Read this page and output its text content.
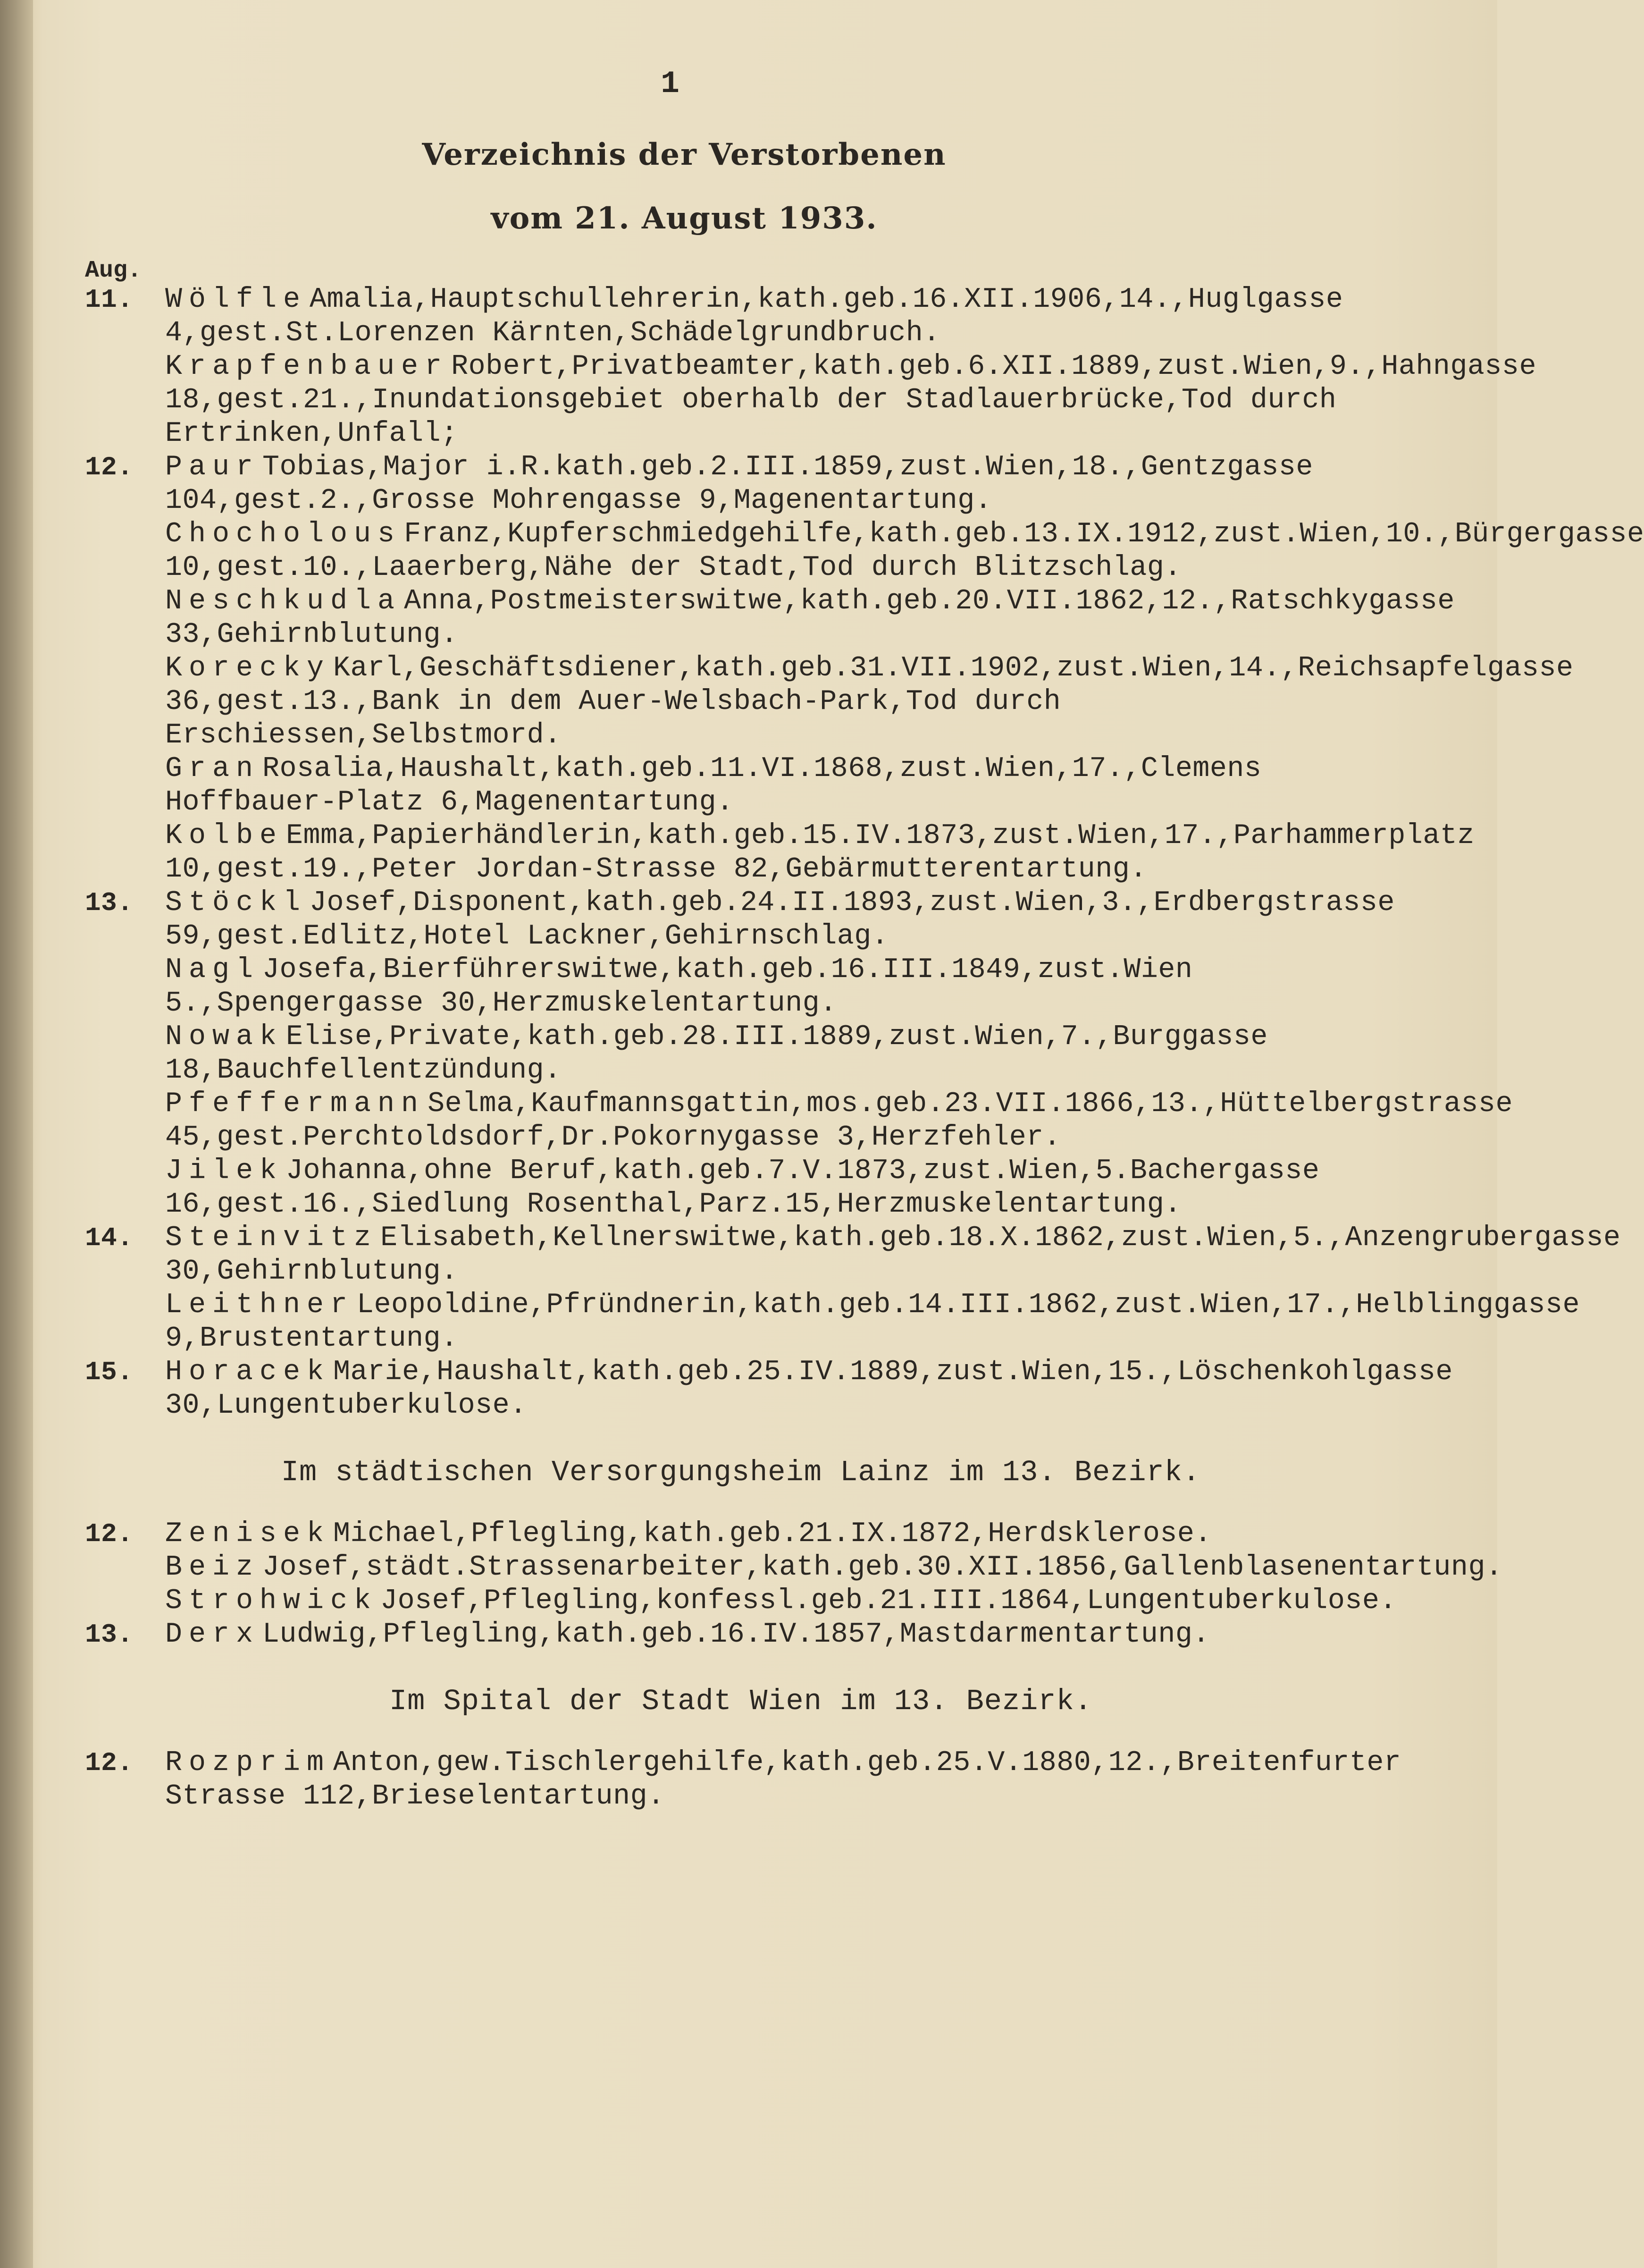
1
Verzeichnis der Verstorbenen
vom 21. August 1933.
Aug.
11.	Wölfle Amalia,Hauptschullehrerin,kath.geb.16.XII.1906,14.,Huglgasse 4,gest.St.Lorenzen Kärnten,Schädelgrundbruch.
Krapfenbauer Robert,Privatbeamter,kath.geb.6.XII.1889,zust.Wien,9.,Hahngasse 18,gest.21.,Inundationsgebiet oberhalb der Stadlauerbrücke,Tod durch Ertrinken,Unfall;
12.	Paur Tobias,Major i.R.kath.geb.2.III.1859,zust.Wien,18.,Gentzgasse 104,gest.2.,Grosse Mohrengasse 9,Magenentartung.
Chocholous Franz,Kupferschmiedgehilfe,kath.geb.13.IX.1912,zust.Wien,10.,Bürgergasse 10,gest.10.,Laaerberg,Nähe der Stadt,Tod durch Blitzschlag.
Neschkudla Anna,Postmeisterswitwe,kath.geb.20.VII.1862,12.,Ratschkygasse 33,Gehirnblutung.
Korecky Karl,Geschäftsdiener,kath.geb.31.VII.1902,zust.Wien,14.,Reichsapfelgasse 36,gest.13.,Bank in dem Auer-Welsbach-Park,Tod durch Erschiessen,Selbstmord.
Gran Rosalia,Haushalt,kath.geb.11.VI.1868,zust.Wien,17.,Clemens Hoffbauer-Platz 6,Magenentartung.
Kolbe Emma,Papierhändlerin,kath.geb.15.IV.1873,zust.Wien,17.,Parhammerplatz 10,gest.19.,Peter Jordan-Strasse 82,Gebärmutterentartung.
13.	Stöckl Josef,Disponent,kath.geb.24.II.1893,zust.Wien,3.,Erdbergstrasse 59,gest.Edlitz,Hotel Lackner,Gehirnschlag.
Nagl Josefa,Bierführerswitwe,kath.geb.16.III.1849,zust.Wien 5.,Spengergasse 30,Herzmuskelentartung.
Nowak Elise,Private,kath.geb.28.III.1889,zust.Wien,7.,Burggasse 18,Bauchfellentzündung.
Pfeffermann Selma,Kaufmannsgattin,mos.geb.23.VII.1866,13.,Hüttelbergstrasse 45,gest.Perchtoldsdorf,Dr.Pokornygasse 3,Herzfehler.
Jilek Johanna,ohne Beruf,kath.geb.7.V.1873,zust.Wien,5.Bachergasse 16,gest.16.,Siedlung Rosenthal,Parz.15,Herzmuskelentartung.
14.	Steinvitz Elisabeth,Kellnerswitwe,kath.geb.18.X.1862,zust.Wien,5.,Anzengrubergasse 30,Gehirnblutung.
Leithner Leopoldine,Pfründnerin,kath.geb.14.III.1862,zust.Wien,17.,Helblinggasse 9,Brustentartung.
15.	Horacek Marie,Haushalt,kath.geb.25.IV.1889,zust.Wien,15.,Löschenkohlgasse 30,Lungentuberkulose.
Im städtischen Versorgungsheim Lainz im 13. Bezirk.
12.	Zenisek Michael,Pflegling,kath.geb.21.IX.1872,Herdsklerose.
Beiz Josef,städt.Strassenarbeiter,kath.geb.30.XII.1856,Gallenblasenentartung.
Strohwick Josef,Pflegling,konfessl.geb.21.III.1864,Lungentuberkulose.
13.	Derx Ludwig,Pflegling,kath.geb.16.IV.1857,Mastdarmentartung.
Im Spital der Stadt Wien im 13. Bezirk.
12.	Rozprim Anton,gew.Tischlergehilfe,kath.geb.25.V.1880,12.,Breitenfurter Strasse 112,Brieselentartung.
